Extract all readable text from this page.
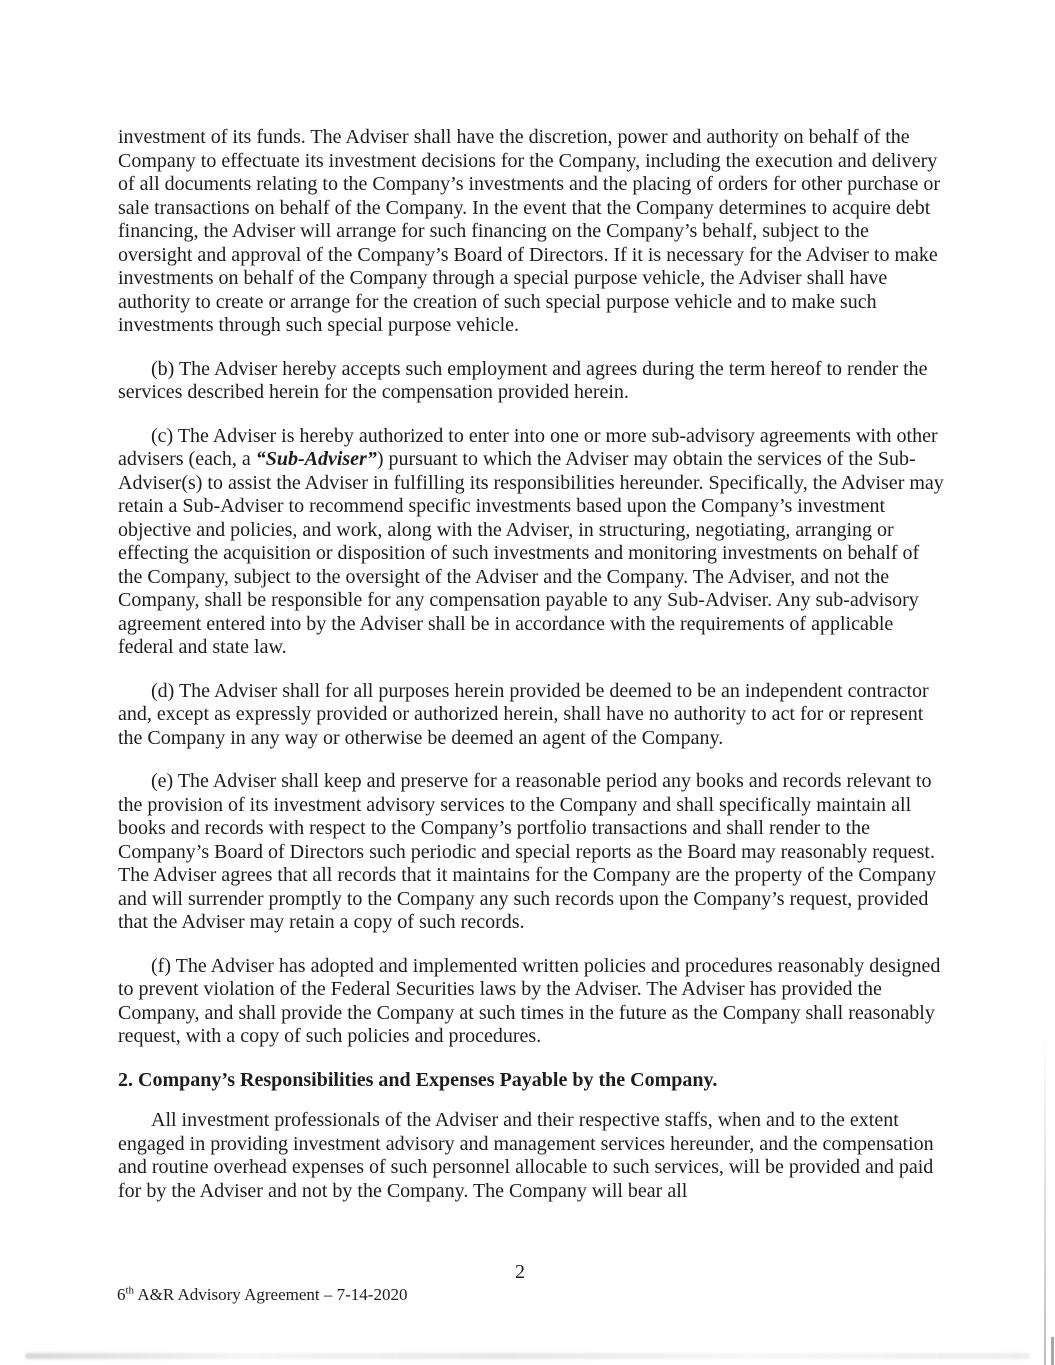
investment of its funds. The Adviser shall have the discretion, power and authority on behalf of the Company to effectuate its investment decisions for the Company, including the execution and delivery of all documents relating to the Company’s investments and the placing of orders for other purchase or sale transactions on behalf of the Company. In the event that the Company determines to acquire debt financing, the Adviser will arrange for such financing on the Company’s behalf, subject to the oversight and approval of the Company’s Board of Directors. If it is necessary for the Adviser to make investments on behalf of the Company through a special purpose vehicle, the Adviser shall have authority to create or arrange for the creation of such special purpose vehicle and to make such investments through such special purpose vehicle.

(b) The Adviser hereby accepts such employment and agrees during the term hereof to render the services described herein for the compensation provided herein.

(c) The Adviser is hereby authorized to enter into one or more sub-advisory agreements with other advisers (each, a “Sub-Adviser”) pursuant to which the Adviser may obtain the services of the Sub-Adviser(s) to assist the Adviser in fulfilling its responsibilities hereunder. Specifically, the Adviser may retain a Sub-Adviser to recommend specific investments based upon the Company’s investment objective and policies, and work, along with the Adviser, in structuring, negotiating, arranging or effecting the acquisition or disposition of such investments and monitoring investments on behalf of the Company, subject to the oversight of the Adviser and the Company. The Adviser, and not the Company, shall be responsible for any compensation payable to any Sub-Adviser. Any sub-advisory agreement entered into by the Adviser shall be in accordance with the requirements of applicable federal and state law.

(d) The Adviser shall for all purposes herein provided be deemed to be an independent contractor and, except as expressly provided or authorized herein, shall have no authority to act for or represent the Company in any way or otherwise be deemed an agent of the Company.

(e) The Adviser shall keep and preserve for a reasonable period any books and records relevant to the provision of its investment advisory services to the Company and shall specifically maintain all books and records with respect to the Company’s portfolio transactions and shall render to the Company’s Board of Directors such periodic and special reports as the Board may reasonably request. The Adviser agrees that all records that it maintains for the Company are the property of the Company and will surrender promptly to the Company any such records upon the Company’s request, provided that the Adviser may retain a copy of such records.

(f) The Adviser has adopted and implemented written policies and procedures reasonably designed to prevent violation of the Federal Securities laws by the Adviser. The Adviser has provided the Company, and shall provide the Company at such times in the future as the Company shall reasonably request, with a copy of such policies and procedures.

2. Company’s Responsibilities and Expenses Payable by the Company.

All investment professionals of the Adviser and their respective staffs, when and to the extent engaged in providing investment advisory and management services hereunder, and the compensation and routine overhead expenses of such personnel allocable to such services, will be provided and paid for by the Adviser and not by the Company. The Company will bear all

2
6th A&R Advisory Agreement – 7-14-2020
